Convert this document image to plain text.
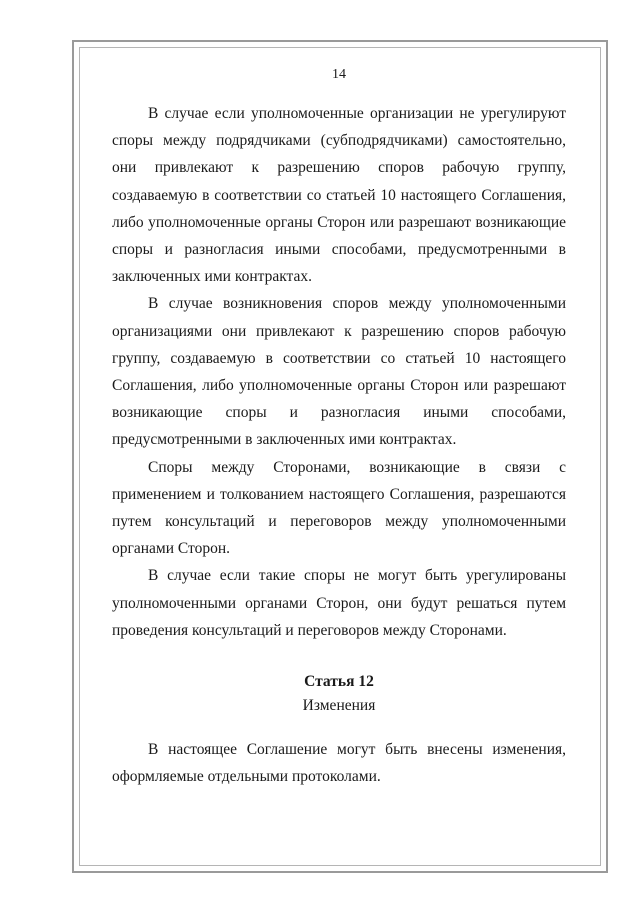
14

В случае если уполномоченные организации не урегулируют споры между подрядчиками (субподрядчиками) самостоятельно, они привлекают к разрешению споров рабочую группу, создаваемую в соответствии со статьей 10 настоящего Соглашения, либо уполномоченные органы Сторон или разрешают возникающие споры и разногласия иными способами, предусмотренными в заключенных ими контрактах.

В случае возникновения споров между уполномоченными организациями они привлекают к разрешению споров рабочую группу, создаваемую в соответствии со статьей 10 настоящего Соглашения, либо уполномоченные органы Сторон или разрешают возникающие споры и разногласия иными способами, предусмотренными в заключенных ими контрактах.

Споры между Сторонами, возникающие в связи с применением и толкованием настоящего Соглашения, разрешаются путем консультаций и переговоров между уполномоченными органами Сторон.

В случае если такие споры не могут быть урегулированы уполномоченными органами Сторон, они будут решаться путем проведения консультаций и переговоров между Сторонами.

Статья 12
Изменения

В настоящее Соглашение могут быть внесены изменения, оформляемые отдельными протоколами.
